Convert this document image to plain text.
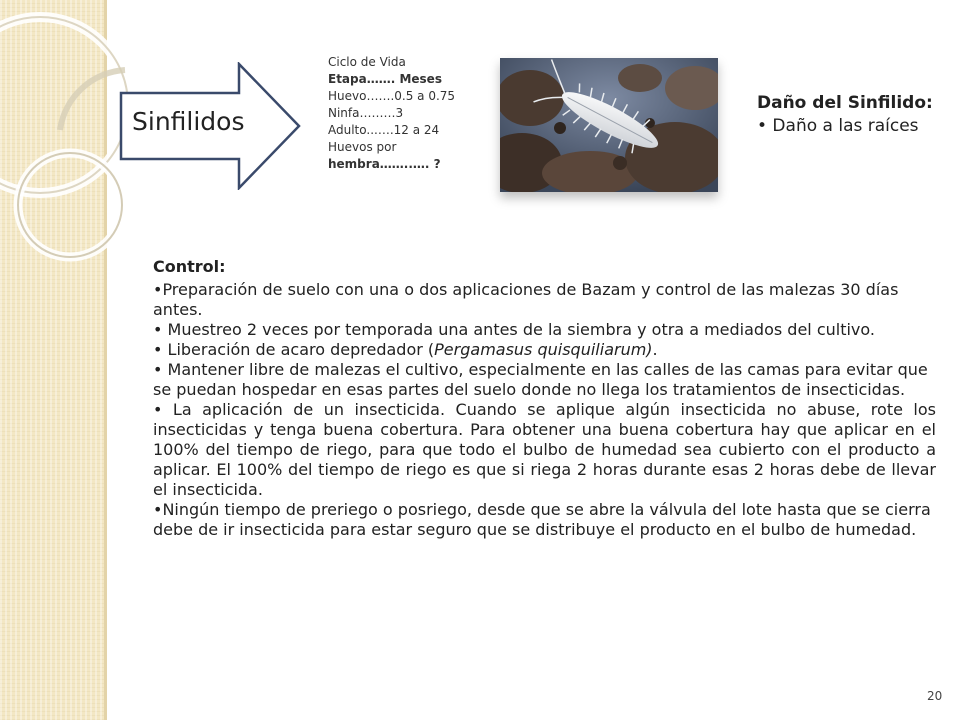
Sinfilidos
Ciclo de Vida
Etapa……. Meses
Huevo…….0.5 a 0.75
Ninfa………3
Adulto...….12 a 24
Huevos por
hembra……..…. ?
Daño del Sinfilido:
• Daño a las raíces

Control:

•Preparación de suelo con una o dos aplicaciones de Bazam y control de las malezas 30 días antes.

• Muestreo 2 veces por temporada una antes de la siembra y otra a mediados del cultivo.

• Liberación de acaro depredador (Pergamasus quisquiliarum).

• Mantener libre de malezas el cultivo, especialmente en las calles de las camas para evitar que se puedan hospedar en esas partes del suelo donde no llega los tratamientos de insecticidas.

• La aplicación de un insecticida. Cuando se aplique algún insecticida no abuse, rote los insecticidas y tenga buena cobertura. Para obtener una buena cobertura hay que aplicar en el 100% del tiempo de riego, para que todo el bulbo de humedad sea cubierto con el producto a aplicar. El 100% del tiempo de riego es que si riega 2 horas durante esas 2 horas debe de llevar el insecticida.

•Ningún tiempo de preriego o posriego, desde que se abre la válvula del lote hasta que se cierra debe de ir insecticida para estar seguro que se distribuye el producto en el bulbo de humedad.

20
